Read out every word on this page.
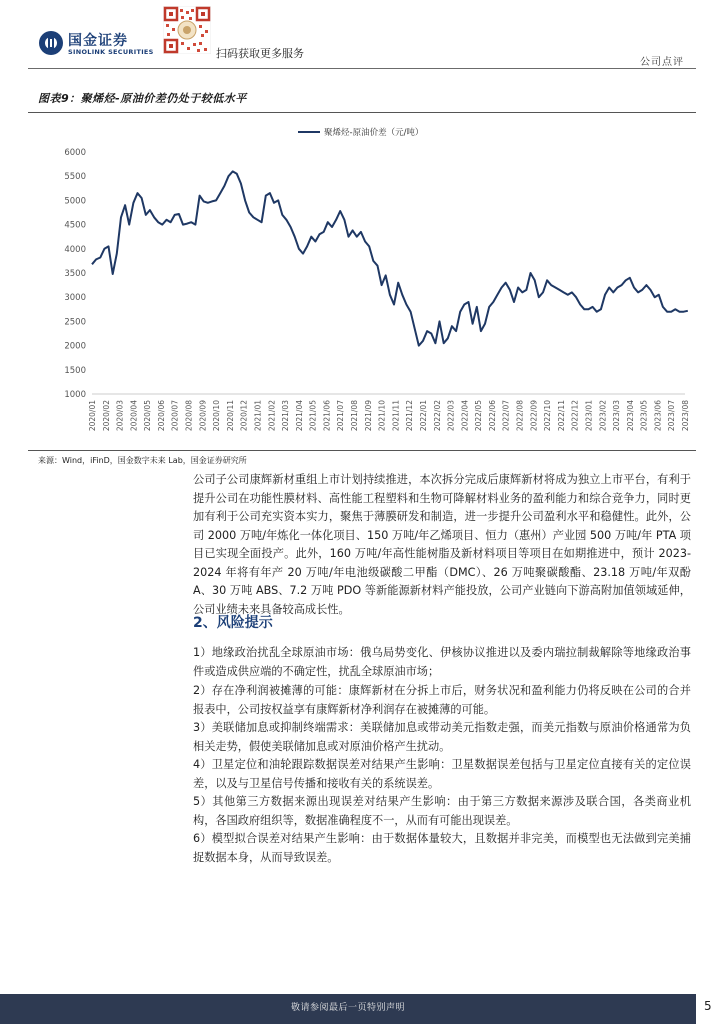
国金证券
SINOLINK SECURITIES	扫码获取更多服务
公司点评
图表9：聚烯烃-原油价差仍处于较低水平
6000
5500
5000
4500
4000
3500
3000
2500
2000
1500
1000
2020/01 2020/02 2020/03 2020/04 2020/05 2020/06 2020/07 2020/08 2020/09 2020/10 2020/11 2020/12 2021/01 2021/02 2021/03 2021/04 2021/05 2021/06 2021/07 2021/08 2021/09 2021/10 2021/11 2021/12 2022/01 2022/02 2022/03 2022/04 2022/05 2022/06 2022/07 2022/08 2022/09 2022/10 2022/11 2022/12 2023/01 2023/02 2023/03 2023/04 2023/05 2023/06 2023/07 2023/08
聚烯烃-原油价差（元/吨）
来源：Wind，iFinD，国金数字未来 Lab，国金证券研究所
公司子公司康辉新材重组上市计划持续推进，本次拆分完成后康辉新材将成为独立上市平台，有利于提升公司在功能性膜材料、高性能工程塑料和生物可降解材料业务的盈利能力和综合竞争力，同时更加有利于公司充实资本实力，聚焦于薄膜研发和制造，进一步提升公司盈利水平和稳健性。此外，公司 2000 万吨/年炼化一体化项目、150 万吨/年乙烯项目、恒力（惠州）产业园 500 万吨/年 PTA 项目已实现全面投产。此外，160 万吨/年高性能树脂及新材料项目等项目在如期推进中，预计 2023-2024 年将有年产 20 万吨/年电池级碳酸二甲酯（DMC）、26 万吨聚碳酸酯、23.18 万吨/年双酚 A、30 万吨 ABS、7.2 万吨 PDO 等新能源新材料产能投放，公司产业链向下游高附加值领域延伸，公司业绩未来具备较高成长性。
2、风险提示
1）地缘政治扰乱全球原油市场：俄乌局势变化、伊核协议推进以及委内瑞拉制裁解除等地缘政治事件或造成供应端的不确定性，扰乱全球原油市场；
2）存在净利润被摊薄的可能：康辉新材在分拆上市后，财务状况和盈利能力仍将反映在公司的合并报表中，公司按权益享有康辉新材净利润存在被摊薄的可能。
3）美联储加息或抑制终端需求：美联储加息或带动美元指数走强，而美元指数与原油价格通常为负相关走势，假使美联储加息或对原油价格产生扰动。
4）卫星定位和油轮跟踪数据误差对结果产生影响：卫星数据误差包括与卫星定位直接有关的定位误差，以及与卫星信号传播和接收有关的系统误差。
5）其他第三方数据来源出现误差对结果产生影响：由于第三方数据来源涉及联合国，各类商业机构，各国政府组织等，数据准确程度不一，从而有可能出现误差。
6）模型拟合误差对结果产生影响：由于数据体量较大，且数据并非完美，而模型也无法做到完美捕捉数据本身，从而导致误差。
敬请参阅最后一页特别声明	5
